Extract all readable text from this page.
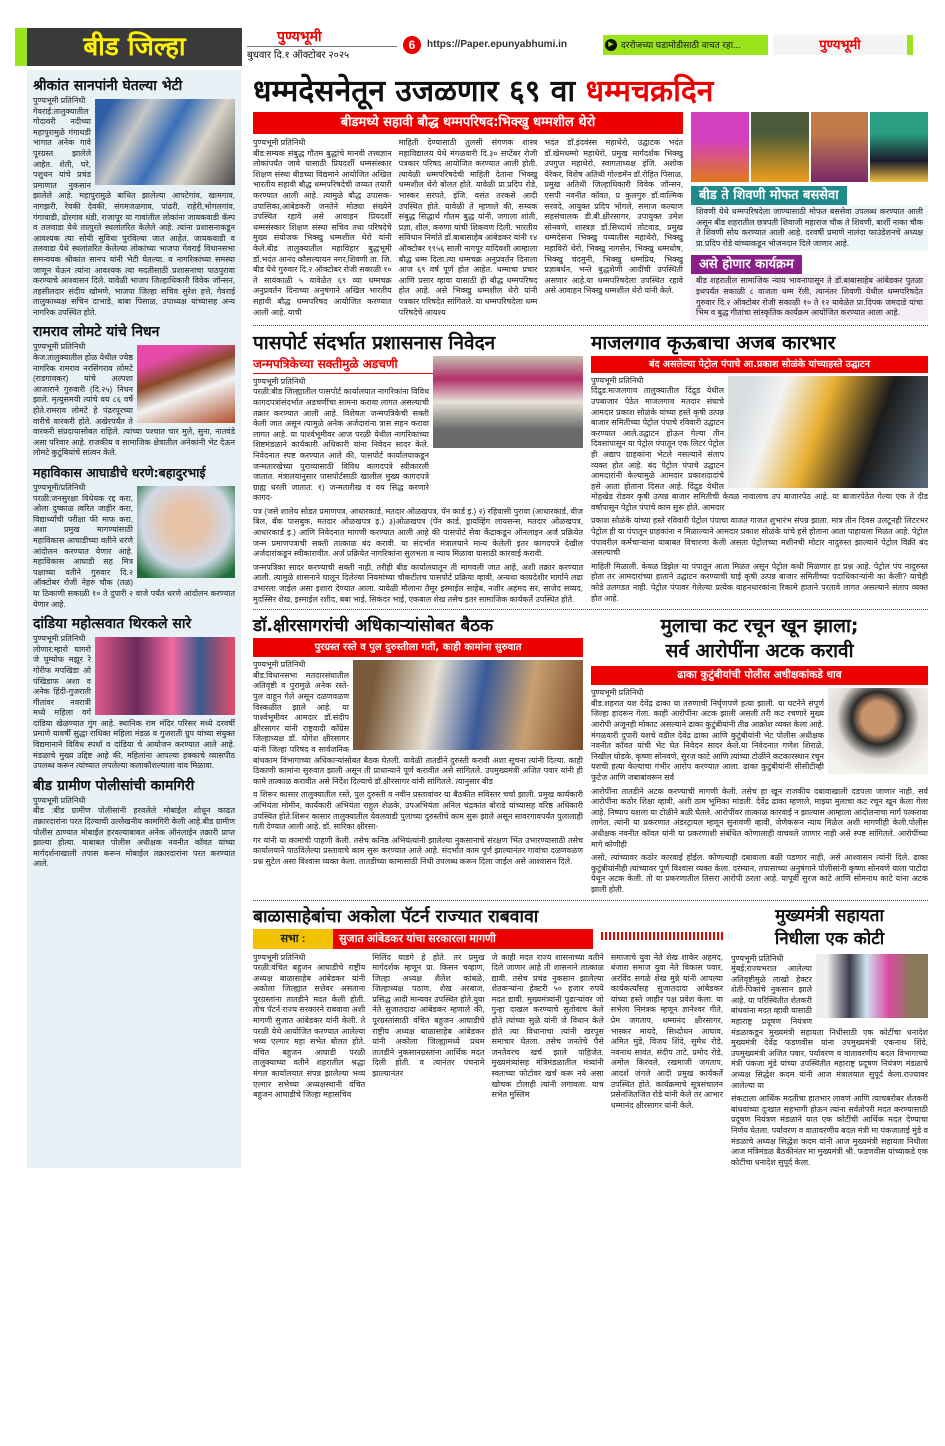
बीड जिल्हा	पुण्यभूमी
बुधवार दि.१ ऑक्टोबर २०२५
6	https://Paper.epunyabhumi.in	▶ दररोजच्या घडामोडीसाठी वाचत रहा...	पुण्यभूमी
श्रीकांत सानपांनी घेतल्या भेटी
पुण्यभूमी प्रतिनिधी
गेवराई:तालुक्यातील गोदावरी नदीच्या महापुरामुळे गंगाथडी भागात अनेक गावे पूरग्रस्त झालेले आहेत. शेती, घरे, पशुधन यांचे प्रचंड प्रमाणात नुकसान झालेले आहे. महापुरामुळे बाधित झालेल्या आपटेगांव, खामगाव, नागझरी, रेवकी देवकी, संगमजळगाव, पांढरी, राहेरी,भोगलगांव, गंगावाडी, ढोरगाव धंडी, राजापूर या गावांतील लोकांना जायकवाडी कॅम्प व तलवाडा येथे तात्पुरते स्थलांतरित केलेले आहे. त्यांना प्रशासनाकडून आवश्यक त्या सोयी सुविधा पुरविल्या जात आहेत. जायकवाडी व तलवाडा येथे स्थलांतरित केलेल्या लोकांच्या भाजपा गेवराई विधानसभा समन्वयक श्रीकांत सानप यांनी भेटी घेतल्या. व नागरिकांच्या समस्या जाणून घेऊन त्यांना आवश्यक त्या मदतीसाठी प्रशासनाचा पाठपुरावा करण्याचे आश्वासन दिले. यावेळी भाजप जिल्हाधिकारी विवेक जॉन्सन, तहसीलदार संदीप खोमणे, भाजपा जिल्हा सचिव सुरेश हत्ते, गेवराई तालुकाध्यक्ष सचिन दाभाडे, बाबा पिसाळ, उपाध्यक्ष यांच्यासह अन्य नागरिक उपस्थित होते.
रामराव लोमटे यांचे निधन
पुण्यभूमी प्रतिनिधी
केज:तालुक्यातील होळ येथील ज्येष्ठ नागरिक रामराव नरसिंगराव लोमटे (राडगावकर) यांचे अल्पशा आजाराने गुरुवारी (दि.२५) निधन झाले. मृत्युसमयी त्यांचे वय ८६ वर्षे होते.रामराव लोमटे हे पंढरपूरच्या वारीचे वारकरी होते. अखेरपर्यंत ते वारकरी संप्रदायासोबत राहिले. त्यांच्या पश्चात चार मुले, सुना, नातवंडे असा परिवार आहे. राजकीय व सामाजिक क्षेत्रातील अनेकांनी भेट देऊन लोमटे कुटुंबियांचे सांत्वन केले.
महाविकास आघाडीचे धरणे:बहादुरभाई
पुण्यभूमी/प्रतिनिधी
परळी:जनसुरक्षा विधेयक रद्द करा, ओला दुष्काळ त्वरित जाहीर करा, विद्यार्थ्यांची परीक्षा फी माफ करा, अशा प्रमुख मागण्यांसाठी महाविकास आघाडीच्या वतीने धरणे आंदोलन करण्यात येणार आहे. महाविकास आघाडी सह मित्र पक्षाच्या वतीने गुरुवार दि.२ ऑक्टोबर रोजी नेहरु चौक (तळ) या ठिकाणी सकाळी १० ते दुपारी २ वाजे पर्यंत धरणे आंदोलन करण्यात येणार आहे.
दांडिया महोत्सवात थिरकले सारे
पुण्यभूमी प्रतिनिधी
लोणार:म्हारो घागरो जे घुम्योफ मझूर रे गोरीफ मपखिडा ओ पंखिडाफ अशा व अनेक हिंदी-गुजराती गीतांवर नवरात्री मध्ये महिला वर्ग दांडिया खेळण्यात गुंग आहे. स्थानिक राम मंदिर परिसर मध्ये दरवर्षी प्रमाणे यावर्षी सुद्धा राधिका महिला मंडळ व गुजराती ग्रुप यांच्या संयुक्त विद्यमानाने विविध स्पर्धा व दांडिया चे आयोजन करण्यात आले आहे. मंडळाचे मुख्य उद्दिष्ट आहे की, महिलांना आपल्या हक्काचे व्यासपीठ उपलब्ध करून त्यांच्यात लपलेल्या कलाकौशल्याला वाव मिळावा.
बीड ग्रामीण पोलीसांची कामगिरी
पुण्यभूमी प्रतिनिधी
बीड :बीड ग्रामीण पोलीसांनी हरवलेले मोबाईल शोधून काढत तक्रारदारांना परत दिल्याची उल्लेखनीय कामगिरी केली आहे.बीड ग्रामीण पोलीस ठाण्यात मोबाईल हरवल्याबाबत अनेक ऑनलाईन तक्रारी प्राप्त झाल्या होत्या. याबाबत पोलीस अधीक्षक नवनीत कॉवत यांच्या मार्गदर्शनाखाली तपास करून मोबाईल तक्रारदारांना परत करण्यात आले.
धम्मदेसनेतून उजळणार ६९ वा धम्मचक्रदिन
बीडमध्ये सहावी बौद्ध धम्मपरिषद:भिक्खु धम्मशील थेरो
पुण्यभूमी प्रतिनिधी
बीड:सम्यक संबुद्ध गौतम बुद्धांचे मानवी तत्त्वज्ञान लोकांपर्यंत जावे यासाठी प्रियदर्शी धम्मसंस्कार शिक्षण संस्था बीडच्या विद्यमाने आयोजित अखिल भारतीय सहावी बौद्ध धम्मपरिषदेची जय्यत तयारी करण्यात आली आहे. त्यामुळे बौद्ध उपासक-उपासिका,आंबेडकरी जनतेने मोठ्या संख्येने उपस्थित रहावे असे आवाहन प्रियदर्शी धम्मसंस्कार शिक्षण संस्था सचिव तथा परिषदेचे मुख्य संयोजक भिक्खु धम्मशील थेरो यांनी केले.बीड तालुक्यातील महाविहार बुद्धभूमी डॉ.भदंत आनंद कौसल्यायन नगर,शिवणी ता. जि. बीड येथे गुरुवार दि.२ ऑक्टोबर रोजी सकाळी १० ते सायंकाळी ५ यावेळेत ६९ व्या धम्मचक्र अनुप्रवर्तन दिनाच्या अनुषंगाने अखिल भारतीय सहावी बौद्ध धम्मपरिषद आयोजित करण्यात आली आहे. याची
माहिती देण्यासाठी तुलसी संगणक शास्त्र महाविद्यालय येथे मंगळवारी दि.३० सप्टेंबर रोजी पत्रकार परिषद आयोजित करण्यात आली होती. त्यावेळी धम्मपरिषदेची माहिती देताना भिक्खु धम्मशील थेरो बोलत होते. यावेळी प्रा.प्रदिप रोडे, भास्कर सरपते, इंजि. वसंत तरकसे आदी उपस्थित होते. यावेळी ते म्हणाले की, सम्यक संबुद्ध सिद्धार्थ गौतम बुद्ध यांनी, जगाला शांती, प्रज्ञा, शील, करुणा यांची शिकवण दिली. भारतीय संविधान निर्माते डॉ.बाबासाहेब आंबेडकर यांनी १४ ऑक्टोबर १९५६ साली नागपूर यादिवशी आम्हाला बौद्ध धम्म दिला.त्या धम्मचक्र अनुप्रवर्तन दिनाला आज ६९ वर्ष पूर्ण होत आहेत. धम्माचा प्रचार आणि प्रसार व्हावा यासाठी ही बौद्ध धम्मपरिषद होत आहे. असे भिक्खु धम्मशील थेरो यांनी पत्रकार परिषदेत सांगितले. या धम्मपरिषदेला धम्म परिषदेचे आयश्य
भदंत डॉ.इंदवंस्स महाथेरो, उद्घाटक भदंत डॉ.खेमधम्मो महाथेरो, प्रमुख मार्गदर्शक भिक्खु उपगुप्त महाथेरो, स्वागताध्यक्ष इंजि. अशोक येरेकर, विशेष अतिथी गोल्डमॅन डॉ.रोहित पिसाळ, प्रमुख अतिथी जिल्हाधिकारी विवेक जॉन्सन, एसपी नवनीत कॉवत, प्र कुलगुरु डॉ.वाल्मिक सरवदे, आयुक्त प्रदिप भोगले, समाज कल्याण सहसंचालक डी.बी.क्षीरसागर, उपायुक्त उमेश सोनवणे, शास्त्रज्ञ डॉ.सिध्दार्थ तोटवाड, प्रमुख धम्मदेसना भिक्खु पय्यातीस महाथेरो, भिक्खु महाविरो थेरो, भिक्खु नागसेन, भिक्खु धम्मधोष, भिक्खु चंदमुनी, भिक्खु धम्मप्रिय, भिक्खु प्रज्ञाबर्धन, भन्ते बुद्धशेणी आदींची उपस्थिती असणार आहे.या धम्मपरिषदेला उपस्थित रहावे असे आवाहन भिक्खु धम्मशील थेरो यांनी केले.
बीड ते शिवणी मोफत बससेवा
शिवणी येथे धम्मपरिषदेला जाण्यासाठी मोफत बससेवा उपलब्ध करण्यात आली असून बीड शहरातील छत्रपती शिवाजी महाराज चौक ते शिवणी, बार्शी नाका चौक ते शिवणी सोय करण्यात आली आहे. दरवर्षी प्रमाणे नालंदा फाउंडेशनचे अध्यक्ष प्रा.प्रदिप रोडे यांच्याकडून भोजनदान दिले जाणार आहे.
असे होणार कार्यक्रम
बीड शहरातील सामाजिक न्याय भावनापासून ते डॉ.बाबासाहेब आंबेडकर पुतळा इथपर्यंत सकाळी ८ वाजता धम्म रॅली, त्यानंतर शिवणी येथील धम्मपरिषदेत गुरुवार दि.२ ऑक्टोबर रोजी सकाळी १० ते १२ यावेळेत प्रा.दिपक जमदाडे यांचा भिम व बुद्ध गीतांचा सांस्कृतिक कार्यक्रम आयोजित करण्यात आला आहे.
पासपोर्ट संदर्भात प्रशासनास निवेदन
जन्मपत्रिकेच्या सक्तीमुळे अडचणी
पुण्यभूमी प्रतिनिधी
परळी:बीड जिल्ह्यातील पासपोर्ट कार्यालयात नागरिकांना विविध कागदपत्रांसंदर्भात अडचणींचा सामना करावा लागत असल्याची तक्रार करण्यात आली आहे. विशेषतः जन्मपत्रिकेची सक्ती केली जात असून त्यामुळे अनेक अर्जदारांना त्रास सहन करावा लागत आहे. या पार्श्वभूमीवर आज परळी येथील नागरिकांच्या शिष्टमंडळाने कार्यकारी अधिकारी यांना निवेदन सादर केले. निवेदनात स्पष्ट करण्यात आले की, पासपोर्ट कार्यालयाकडून जन्मतारखेच्या पुराव्यासाठी विविध कागदपत्रे स्वीकारली जातात. मंत्रालयानुसार पासपोर्टसाठी खालील मुख्य कागदपत्रे ग्राह्य धरली जातात: १) जन्मतारीख व वय सिद्ध करणारे कागद-
पत्र (जसे शालेय सोडत प्रमाणपत्र, आधारकार्ड, मतदार ओळखपत्र, पॅन कार्ड इ.) २) रहिवासी पुरावा (आधारकार्ड, वीज बिल, बँक पासबुक, मतदार ओळखपत्र इ.) ३)ओळखपत्र (पॅन कार्ड, ड्रायव्हिंग लायसन्स, मतदार ओळखपत्र, आधारकार्ड इ.) आणि निवेदनात मागणी करण्यात आली आहे की पासपोर्ट सेवा केंद्राकडून ऑनलाइन अर्ज प्रक्रियेत जन्म प्रमाणपत्राची सक्ती तात्काळ बंद करावी. या संदर्भात मंत्रालयाने मान्य केलेली इतर कागदपत्रे देखील अर्जदारांकडून स्वीकारावीत. अर्ज प्रक्रियेत नागरिकांना सुलभता व न्याय मिळावा यासाठी कारवाई करावी.
जन्मपत्रिका सादर करण्याची सक्ती नाही, तरीही बीड कार्यालयातून ती मागवली जात आहे, अशी तक्रार करण्यात आली. त्यामुळे शासनाने घालून दिलेल्या नियमांच्या चौकटीतच पासपोर्ट प्रक्रिया व्हावी, अन्यथा कायदेशीर मार्गाने लढा उभारला जाईल असा इशारा देण्यात आला. यावेळी मौलाना तैमूर इस्माईल साहेब, नजीर अहमद सर, साजेद सय्यद, मुदस्सिर शेख, इस्माईल रशीद, बबा भाई, सिकंदर भाई, एकबाल शेख तसेच इतर सामाजिक कार्यकर्ते उपस्थित होते.
माजलगाव कृऊबाचा अजब कारभार
बंद असलेल्या पेट्रोल पंपाचे आ.प्रकाश सोळंके यांच्याहस्ते उद्घाटन
पुण्यभूमी प्रतिनिधी
दिंद्रुड:माजलगाव तालुक्यातील दिंद्रुड येथील उपबाजार पेठेत माजलगाव मतदार संघाचे आमदार प्रकाश सोळंके यांच्या हस्ते कृषी उत्पन्न बाजार समितीच्या पेट्रोल पंपाचे रविवारी उद्घाटन करण्यात आले.उद्घाटन होऊन गेल्या तीन दिवसांपासून या पेट्रोल पंपातून एक लिटर पेट्रोल ही अद्याप ग्राहकांना भेटले नसल्याने संताप व्यक्त होत आहे. बंद पेट्रोल पंपाचे उद्घाटन आमदारांनी केल्यामुळे आमदार प्रकाशदादांचे हसे आता होताना दिसत आहे. दिंद्रुड येथील मोहखेड रोडवर कृषी उत्पन्न बाजार समितीची केवळ नावालाच उप बाजारपेठ आहे. या बाजारपेठेत गेल्या एक ते दीड वर्षापासून पेट्रोल पंपाचे काम सुरू होते. आमदार
प्रकाश सोळंके यांच्या हस्ते रविवारी पेट्रोल पंपाचा वाजत गाजत शुभारंभ संपन्न झाला. मात्र तीन दिवस उलटूनही लिटरभर पेट्रोल ही या पंपातून ग्राहकांना न मिळाल्याने आमदार प्रकाश सोळंके यांचे हसे होताना आता पाहायला मिळत आहे. पेट्रोल पंपावरील कर्मचाऱ्यांना याबाबत विचारणा केली असता पेट्रोलच्या मशीनची मोटार नादुरुस्त झाल्याने पेट्रोल विक्री बंद असल्याची
माहिती मिळाली. केवळ डिझेल या पंपातून आता मिळत असून पेट्रोल कधी मिळणार हा प्रश्न आहे. पेट्रोल पंप नादुरुस्त होता तर आमदारांच्या हाताने उद्घाटन करण्याची घाई कृषी उत्पन्न बाजार समितीच्या पदाधिकाऱ्यांनी का केली? याचेही कोडे उलगडत नाही. पेट्रोल पंपावर गेलेल्या प्रत्येक वाहनधारकांना रिकामे हाताने परतावे लागत असल्याने संताप व्यक्त होत आहे.
डॉ.क्षीरसागरांची अधिकाऱ्यांसोबत बैठक
पुरग्रस्त रस्ते व पुल दुरुस्तीला गती, काही कामांना सुरुवात
पुण्यभूमी प्रतिनिधी
बीड:विधानसभा मतदारसंघातील अतिवृष्टी व पुरामुळे अनेक रस्ते-पुल वाहून गेले असून दळणवळण विस्कळीत झाले आहे. या पार्श्वभूमीवर आमदार डॉ.संदीप क्षीरसागर यांनी राष्ट्रवादी कॉंग्रेस जिल्हाध्यक्ष डॉ. योगेश क्षीरसागर यांनी जिल्हा परिषद व सार्वजनिक बांधकाम विभागाच्या अधिकाऱ्यांसोबत बैठक घेतली. यावेळी तातडीने दुरुस्ती करावी अशा सूचना त्यांनी दिल्या. काही ठिकाणी कामांना सुरुवात झाली असून ती प्राधान्याने पूर्ण करावीत असे सांगितले. उपमुख्यमंत्री अजित पवार यांनी ही कामे तात्काळ करावीत असे निर्देश दिल्याचे डॉ.क्षीरसागर यांनी सांगितले. त्यानुसार बीड
व शिरूर कासार तालुक्यातील रस्ते, पुल दुरुस्ती व नवीन प्रस्तावांवर या बैठकीत सविस्तर चर्चा झाली. प्रमुख कार्यकारी अभियंता मोमीन, कार्यकारी अभियंता राहुल शेळके, उपअभियंता अनिल चंद्रकांत बोराडे यांच्यासह वरिष्ठ अधिकारी उपस्थित होते.शिरूर कासार तालुक्यातील येवलवाडी पुलाच्या दुरुस्तीचे काम सुरू झाले असून सावरगावपर्यंत पुलालाही गती देण्यात आली आहे. डॉ. सारिका क्षीरसा-
गर यांनी या कामांची पाहणी केली. तसेच कनिष्ठ अभियंत्यांनी झालेल्या नुकसानाचे संरक्षण भिंत उभारण्यासाठी तसेच कार्यालयाने पाठविलेल्या प्रस्तावाचे काम सुरू करण्यात आले आहे. संदर्भात काम पूर्ण झाल्यानंतर गावांचा दळणवळण प्रश्न सुटेल असा विश्वास व्यक्त केला. तातडीच्या कामासाठी निधी उपलब्ध करून दिला जाईल असे आश्वासन दिले.
मुलाचा कट रचून खून झाला;
सर्व आरोपींना अटक करावी
ढाका कुटुंबीयांची पोलीस अधीक्षकांकडे धाव
पुण्यभूमी प्रतिनिधी
बीड:शहरात यश देवेंद्र ढाका या तरुणाची निर्घृणपणे हत्या झाली. या घटनेने संपूर्ण जिल्हा हादरून गेला. काही आरोपींना अटक झाली असली तरी कट रचणारे मुख्य आरोपी अजूनही मोकाट असल्याने ढाका कुटुंबीयांनी तीव्र आक्रोश व्यक्त केला आहे. मंगळवारी दुपारी यशचे वडील देवेंद्र ढाका आणि कुटुंबीयांनी भेट पोलीस अधीक्षक नवनीत कॉवत यांची भेट घेत निवेदन सादर केले.या निवेदनात गणेश शिराळे, निखील घोडके, कृष्णा सोनवणे, सुरज काटे आणि त्यांच्या टोळीने कटकारस्थान रचून यशची हत्या केल्याचा गंभीर आरोप करण्यात आला. ढाका कुटुंबीयांनी सीसीटीव्ही फुटेज आणि जबाबांवरून सर्व
आरोपींना तातडीने अटक करण्याची मागणी केली. तसेच हा खून राजकीय दबावाखाली दडपला जाणार नाही, सर्व आरोपींना कठोर शिक्षा व्हावी, अशी ठाम भूमिका मांडली. देवेंद्र ढाका म्हणाले, माझ्या मुलाचा कट रचून खून केला गेला आहे. निष्पाप यशला या टोळीने बळी घेतले. आरोपींवर तात्काळ कारवाई न झाल्यास आम्हाला आंदोलनाचा मार्ग पत्करावा लागेल. त्यांनी या प्रकरणात अंडरट्रायल म्हणून सुनावणी व्हावी, जेणेकरून न्याय मिळेल अशी मागणीही केली.पोलीस अधीक्षक नवनीत कॉवत यांनी या प्रकरणाशी संबंधित कोणालाही वाचवले जाणार नाही असे स्पष्ट सांगितले. आरोपींच्या मागे कोणीही
असो, त्यांच्यावर कठोर कारवाई होईल. कोणत्याही दबावाला बळी पडणार नाही, असे आश्वासन त्यांनी दिले. ढाका कुटुंबीयांनीही त्यांच्यावर पूर्ण विश्वास व्यक्त केला. दरम्यान, तपासाच्या अनुषंगाने पोलीसांनी कृष्णा सोनवणे याला पाटोदा येथून अटक केली. तो या प्रकरणातील तिसरा आरोपी ठरला आहे. यापूर्वी सुरज काटे आणि सोमनाथ काटे यांना अटक झाली होती.
बाळासाहेबांचा अकोला पॅटर्न राज्यात राबवावा
सभा :	सुजात आंबेडकर यांचा सरकारला मागणी
पुण्यभूमी प्रतिनिधी
परळी:वंचित बहुजन आघाडीचे राष्ट्रीय अध्यक्ष बाळासाहेब आंबेडकर यांनी अकोला जिल्ह्यात सत्तेवर असताना पूरग्रस्तांना तातडीने मदत केली होती. तोच पॅटर्न राज्य सरकारने राबवावा अशी मागणी सुजात आंबेडकर यांनी केली. ते परळी येथे आयोजित करण्यात आलेल्या भव्य एल्गार महा सभेत बोलत होते. वंचित बहुजन आघाडी परळी तालुक्याच्या वतीने शहरातील श्रद्धा मंगल कार्यालयात संपन्न झालेल्या भव्य एल्गार सभेच्या अध्यक्षस्थानी वंचित बहुजन आघाडीचे जिल्हा महासचिव
मिलिंद घाडगे हे होते. तर प्रमुख मार्गदर्शक म्हणून प्रा. किसन चव्हाण, जिल्हा अध्यक्ष शैलेश कांबळे, जिल्हाध्यक्ष पठाण, शेख अरबाज, प्रसिद्ध आदी मान्यवर उपस्थित होते.युवा नेते सुजातदादा आंबेडकर म्हणाले की, पूरग्रस्तांसाठी वंचित बहुजन आघाडीचे राष्ट्रीय अध्यक्ष बाळासाहेब आंबेडकर यांनी अकोला जिल्ह्यामध्ये प्रथम तातडीने नुकसानग्रस्तांना आर्थिक मदत दिली होती. व त्यानंतर पंचनामे झाल्यानंतर
जे काही मदत राज्य शासनाच्या वतीने दिले जाणार आहे ती शासनाने तात्काळ द्यावी. तसेच प्रचंड नुकसान झालेल्या शेतकऱ्यांना हेक्टरी ५० हजार रुपये मदत द्यावी. मुख्यमंत्र्यांनी पुढाऱ्यांवर जो गुन्हा दाखल करण्याचे सुतोवाच केले होते त्यांच्या सुळे यांनी जे विधान केले होते त्या विधानाचा त्यांनी खरपूस समाचार घेतला. तसेच जनतेचे पैसे जनतेवरच खर्च झाले पाहिजेत. मुख्यमंत्र्यांसह मंत्रिमंडळातील मंत्र्यांनी स्वतःच्या फोटोवर खर्च करू नये असा खोचक टोलाही त्यांनी लगावला. याच सभेत मुस्लिम
समाजाचे युवा नेते शेख शाकेर अहमद, बंजारा समाज युवा नेते विकास पवार, अरविंद सगळे शेख मुन्ने यांनी आपल्या कार्यकर्त्यांसह सुजातदादा आंबेडकर यांच्या हस्ते जाहीर पक्ष प्रवेश केला. या सभेला निमंत्रक म्हणून ज्ञानेश्वर गीते, प्रेम जगताप, धम्मानंद क्षीरसागर, भास्कर मायदे, सिध्दोधन आघाव, अमित मुंडे, विजय शिंदे, सुमेध रोडे, नवनाथ सावंत, संदीप ताटे, प्रमोद रोडे, अमोल किरवले, रखमाजी जगताप, आदर्श जंगले आदी प्रमुख कार्यकर्ते उपस्थित होते. कार्यक्रमाचे सूत्रसंचालन प्रसेनजितजित रोडे यांनी केले तर आभार धम्मानंद क्षीरसागर यांनी केले.
मुख्यमंत्री सहायता
निधीला एक कोटी
पुण्यभूमी प्रतिनिधी
मुंबई:राज्यभरात आलेल्या अतिवृष्टीमुळे लाखो हेक्टर शेती-पिकांचे नुकसान झाले आहे. या परिस्थितीत शेतकरी बांधवांना मदत व्हावी यासाठी महाराष्ट्र प्रदूषण नियंत्रण मंडळाकडून मुख्यमंत्री सहायता निधीसाठी एक कोटींचा धनादेश मुख्यमंत्री देवेंद्र फडणवीस यांना उपमुख्यमंत्री एकनाथ शिंदे, उपमुख्यमंत्री अजित पवार, पर्यावरण व वातावरणीय बदल विभागाच्या मंत्री पंकजा मुंडे यांच्या उपस्थितीत महाराष्ट्र प्रदूषण नियंत्रण मंडळाचे अध्यक्ष सिद्धेश कदम यांनी आज मंत्रालयात सुपूर्द केला.राज्यावर आलेल्या या
संकटाला आर्थिक मदतीचा हातभार लावणं आणि त्याचबरोबर शेतकरी बांधवांच्या दुःखात सहभागी होऊन त्यांना सर्वतोपरी मदत करण्यासाठी प्रदूषण नियंत्रण मंडळाने यात एक कोटींची आर्थिक मदत देण्याचा निर्णय घेतला. पर्यावरण व वातावरणीय बदल मंत्री मा पंकजाताई मुंडे व मंडळाचे अध्यक्ष सिद्धेश कदम यांनी आज मुख्यमंत्री सहायता निधीला आज मंत्रिमंडळ बैठकीनंतर मा मुख्यमंत्री श्री. फडणवीस यांच्याकडे एक कोटींचा धनादेश सुपूर्द केला.
